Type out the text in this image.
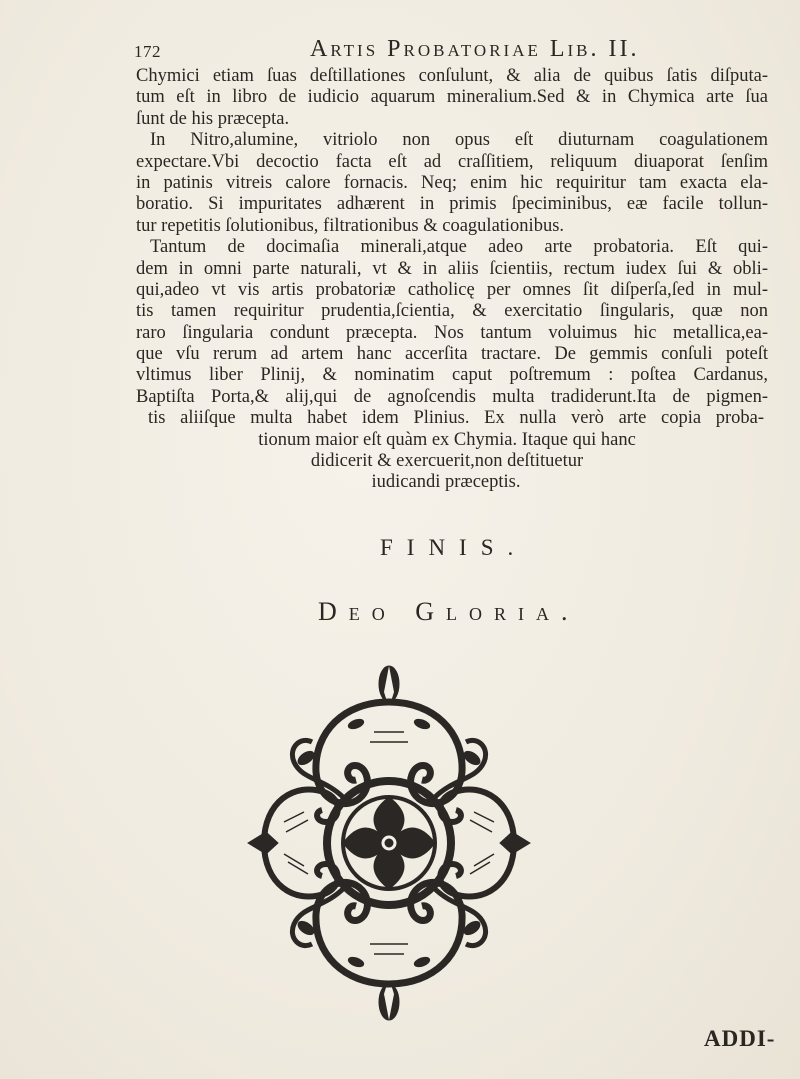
172	Artis Probatoriae Lib. II.
Chymici etiam ſuas deſtillationes conſulunt, & alia de quibus ſatis diſputa-
tum eſt in libro de iudicio aquarum mineralium.Sed & in Chymica arte ſua
ſunt de his præcepta.
In Nitro,alumine, vitriolo non opus eſt diuturnam coagulationem
expectare.Vbi decoctio facta eſt ad craſſitiem, reliquum diuaporat ſenſim
in patinis vitreis calore fornacis. Neq; enim hic requiritur tam exacta ela-
boratio. Si impuritates adhærent in primis ſpeciminibus, eæ facile tollun-
tur repetitis ſolutionibus, filtrationibus & coagulationibus.
Tantum de docimaſia minerali,atque adeo arte probatoria. Eſt qui-
dem in omni parte naturali, vt & in aliis ſcientiis, rectum iudex ſui & obli-
qui,adeo vt vis artis probatoriæ catholicę per omnes ſit diſperſa,ſed in mul-
tis tamen requiritur prudentia,ſcientia, & exercitatio ſingularis, quæ non
raro ſingularia condunt præcepta. Nos tantum voluimus hic metallica,ea-
que vſu rerum ad artem hanc accerſita tractare. De gemmis conſuli poteſt
vltimus liber Plinij, & nominatim caput poſtremum : poſtea Cardanus,
Baptiſta Porta,& alij,qui de agnoſcendis multa tradiderunt.Ita de pigmen-
tis aliiſque multa habet idem Plinius. Ex nulla verò arte copia proba-
tionum maior eſt quàm ex Chymia. Itaque qui hanc
didicerit & exercuerit,non deſtituetur
iudicandi præceptis.
FINIS.
Deo Gloria.
ADDI-
